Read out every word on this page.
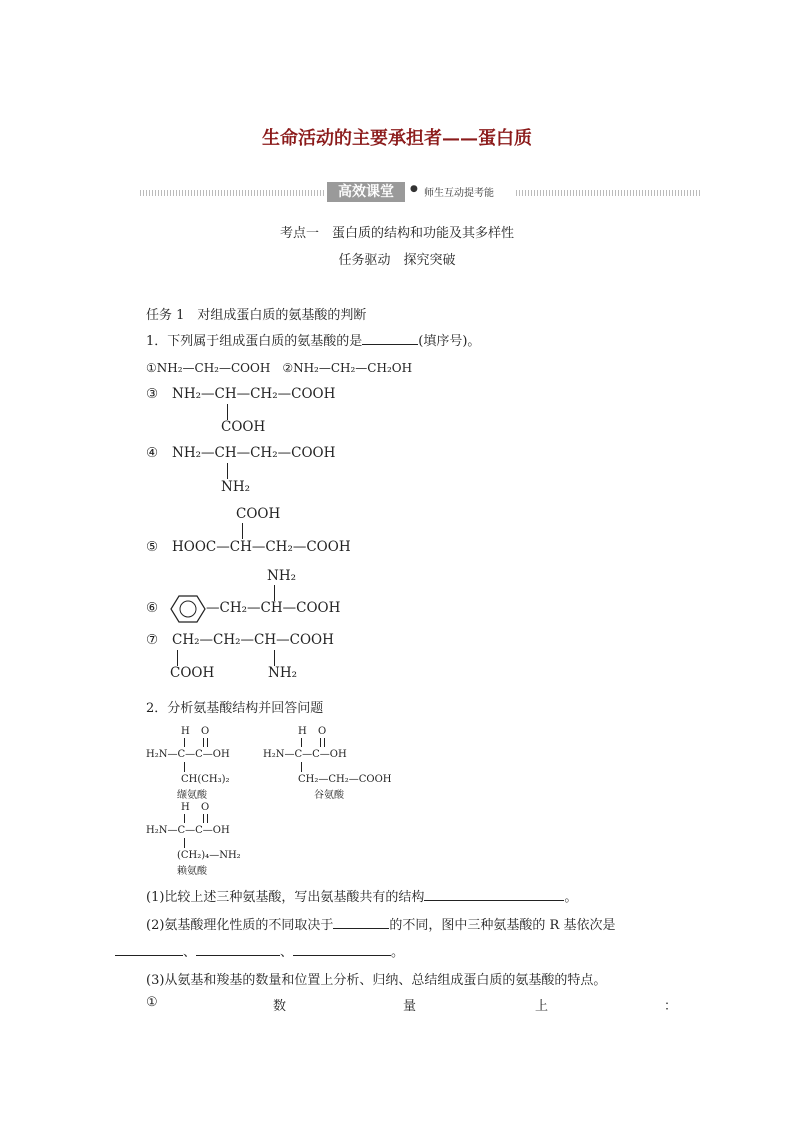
生命活动的主要承担者——蛋白质
高效课堂	● 师生互动提考能
考点一　蛋白质的结构和功能及其多样性
任务驱动　探究突破
任务 1　对组成蛋白质的氨基酸的判断
1．下列属于组成蛋白质的氨基酸的是	(填序号)。
①NH₂—CH₂—COOH　②NH₂—CH₂—CH₂OH
③ NH₂—CH—CH₂—COOH
COOH
④ NH₂—CH—CH₂—COOH
NH₂
COOH
⑤ HOOC—CH—CH₂—COOH
NH₂
⑥	—CH₂—CH—COOH
⑦ CH₂—CH₂—CH—COOH
COOH	NH₂
2．分析氨基酸结构并回答问题
H O
H₂N—C—C—OH
CH(CH₃)₂
缬氨酸
H O
H₂N—C—C—OH
CH₂—CH₂—COOH
谷氨酸
H O
H₂N—C—C—OH
(CH₂)₄—NH₂
赖氨酸
(1)比较上述三种氨基酸，写出氨基酸共有的结构	。
(2)氨基酸理化性质的不同取决于	的不同，图中三种氨基酸的 R 基依次是
、	、	。
(3)从氨基和羧基的数量和位置上分析、归纳、总结组成蛋白质的氨基酸的特点。
①	数	量	上	：
